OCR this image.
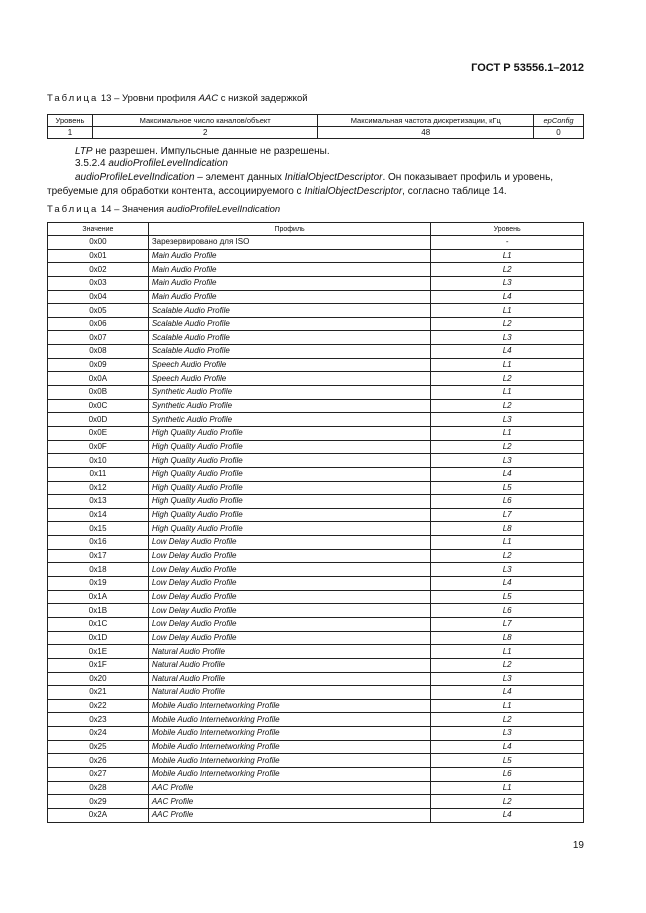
ГОСТ Р 53556.1–2012
Таблица 13 – Уровни профиля AAC с низкой задержкой
Уровень	Максимальное число каналов/объект	Максимальная частота дискретизации, кГц	epConfig
1	2	48	0
LTP не разрешен. Импульсные данные не разрешены.
3.5.2.4 audioProfileLevelIndication
audioProfileLevelIndication – элемент данных InitialObjectDescriptor. Он показывает профиль и уровень, требуемые для обработки контента, ассоциируемого с InitialObjectDescriptor, согласно таблице 14.
Таблица 14 – Значения audioProfileLevelIndication
Значение	Профиль	Уровень
0x00	Зарезервировано для ISO	-
0x01	Main Audio Profile	L1
0x02	Main Audio Profile	L2
0x03	Main Audio Profile	L3
0x04	Main Audio Profile	L4
0x05	Scalable Audio Profile	L1
0x06	Scalable Audio Profile	L2
0x07	Scalable Audio Profile	L3
0x08	Scalable Audio Profile	L4
0x09	Speech Audio Profile	L1
0x0A	Speech Audio Profile	L2
0x0B	Synthetic Audio Profile	L1
0x0C	Synthetic Audio Profile	L2
0x0D	Synthetic Audio Profile	L3
0x0E	High Quality Audio Profile	L1
0x0F	High Quality Audio Profile	L2
0x10	High Quality Audio Profile	L3
0x11	High Quality Audio Profile	L4
0x12	High Quality Audio Profile	L5
0x13	High Quality Audio Profile	L6
0x14	High Quality Audio Profile	L7
0x15	High Quality Audio Profile	L8
0x16	Low Delay Audio Profile	L1
0x17	Low Delay Audio Profile	L2
0x18	Low Delay Audio Profile	L3
0x19	Low Delay Audio Profile	L4
0x1A	Low Delay Audio Profile	L5
0x1B	Low Delay Audio Profile	L6
0x1C	Low Delay Audio Profile	L7
0x1D	Low Delay Audio Profile	L8
0x1E	Natural Audio Profile	L1
0x1F	Natural Audio Profile	L2
0x20	Natural Audio Profile	L3
0x21	Natural Audio Profile	L4
0x22	Mobile Audio Internetworking Profile	L1
0x23	Mobile Audio Internetworking Profile	L2
0x24	Mobile Audio Internetworking Profile	L3
0x25	Mobile Audio Internetworking Profile	L4
0x26	Mobile Audio Internetworking Profile	L5
0x27	Mobile Audio Internetworking Profile	L6
0x28	AAC Profile	L1
0x29	AAC Profile	L2
0x2A	AAC Profile	L4
19
